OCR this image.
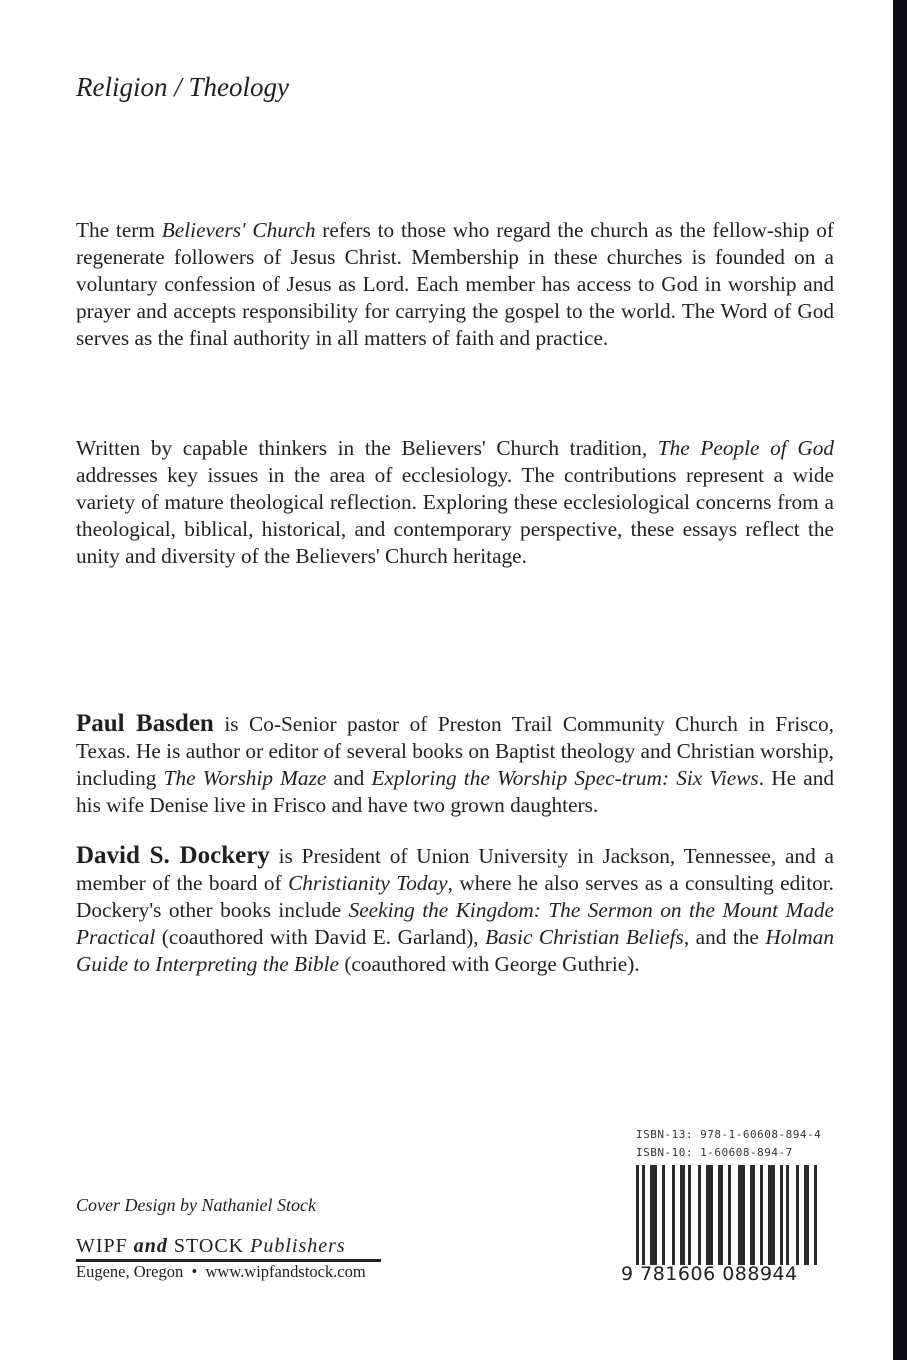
Religion / Theology
The term Believers' Church refers to those who regard the church as the fellow-ship of regenerate followers of Jesus Christ. Membership in these churches is founded on a voluntary confession of Jesus as Lord. Each member has access to God in worship and prayer and accepts responsibility for carrying the gospel to the world. The Word of God serves as the final authority in all matters of faith and practice.
Written by capable thinkers in the Believers' Church tradition, The People of God addresses key issues in the area of ecclesiology. The contributions represent a wide variety of mature theological reflection. Exploring these ecclesiological concerns from a theological, biblical, historical, and contemporary perspective, these essays reflect the unity and diversity of the Believers' Church heritage.
Paul Basden is Co-Senior pastor of Preston Trail Community Church in Frisco, Texas. He is author or editor of several books on Baptist theology and Christian worship, including The Worship Maze and Exploring the Worship Spec-trum: Six Views. He and his wife Denise live in Frisco and have two grown daughters.
David S. Dockery is President of Union University in Jackson, Tennessee, and a member of the board of Christianity Today, where he also serves as a consulting editor. Dockery's other books include Seeking the Kingdom: The Sermon on the Mount Made Practical (coauthored with David E. Garland), Basic Christian Beliefs, and the Holman Guide to Interpreting the Bible (coauthored with George Guthrie).
Cover Design by Nathaniel Stock
WIPF and STOCK Publishers
Eugene, Oregon  •  www.wipfandstock.com
ISBN-13: 978-1-60608-894-4
ISBN-10: 1-60608-894-7
9 781606 088944
